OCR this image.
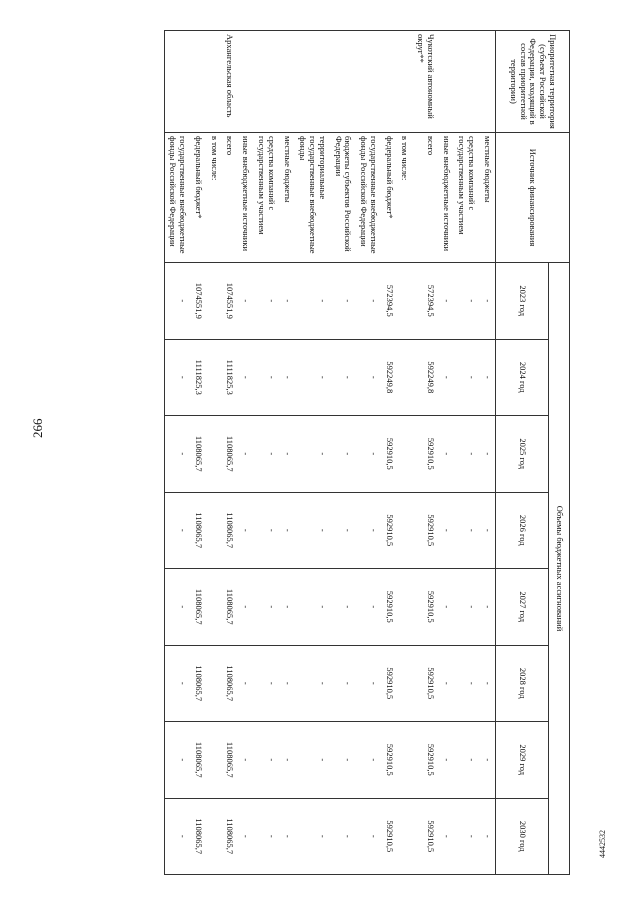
266
Приоритетная территория (субъект Российской Федерации, входящий в состав приоритетной территории)	Источник финансирования	Объемы бюджетных ассигнований							
		2023 год	2024 год	2025 год	2026 год	2027 год	2028 год	2029 год	2030 год
	местные бюджеты	-	-	-	-	-	-	-	-
	средства компаний с государственным участием	-	-	-	-	-	-	-	-
	иные внебюджетные источники	-	-	-	-	-	-	-	-
Чукотский автономный округ**	всего	572394,5	592249,8	592910,5	592910,5	592910,5	592910,5	592910,5	592910,5
	в том числе:								
	федеральный бюджет*	572394,5	592249,8	592910,5	592910,5	592910,5	592910,5	592910,5	592910,5
	государственные внебюджетные фонды Российской Федерации	-	-	-	-	-	-	-	-
	бюджеты субъектов Российской Федерации	-	-	-	-	-	-	-	-
	территориальные государственные внебюджетные фонды	-	-	-	-	-	-	-	-
	местные бюджеты	-	-	-	-	-	-	-	-
	средства компаний с государственным участием	-	-	-	-	-	-	-	-
	иные внебюджетные источники	-	-	-	-	-	-	-	-
Архангельская область	всего	1074551,9	1111825,3	1108065,7	1108065,7	1108065,7	1108065,7	1108065,7	1108065,7
	в том числе:								
	федеральный бюджет*	1074551,9	1111825,3	1108065,7	1108065,7	1108065,7	1108065,7	1108065,7	1108065,7
	государственные внебюджетные фонды Российской Федерации	-	-	-	-	-	-	-	-	4442532
